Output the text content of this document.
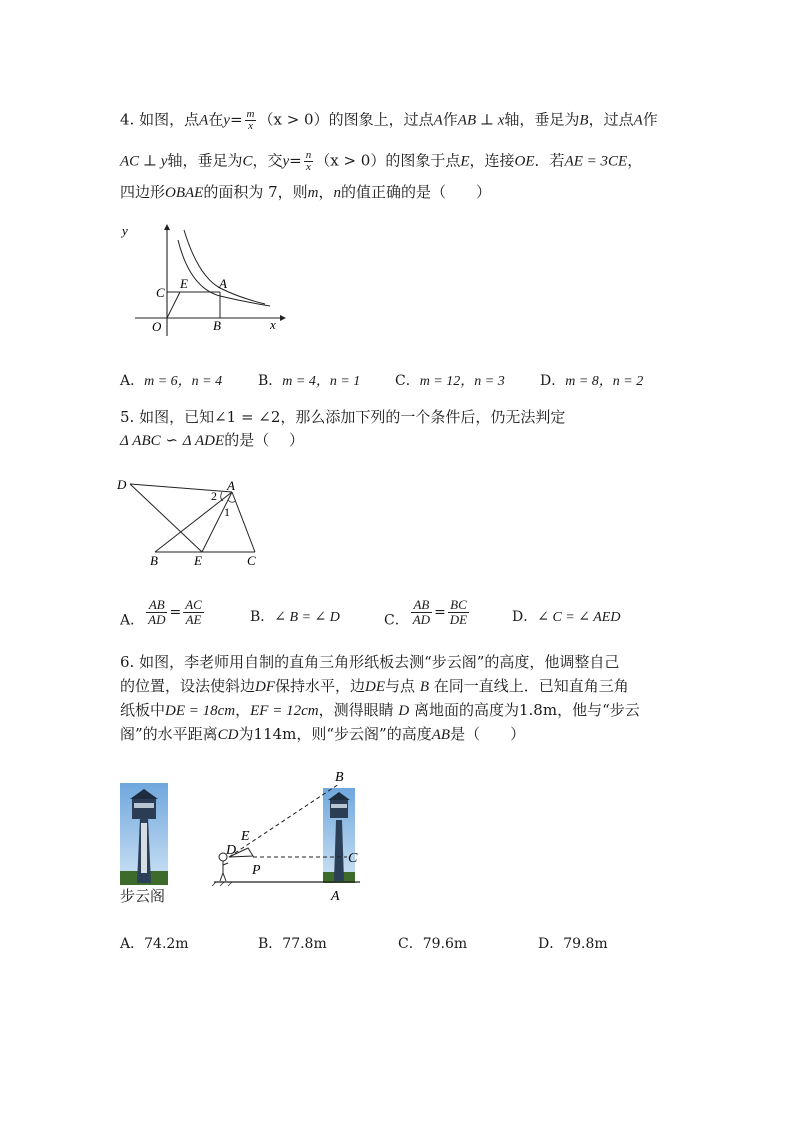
4. 如图，点A在$y= \frac{m}{x} (x > 0)$的图象上，过点A作AB ⊥ x轴，垂足为B，过点A作
AC ⊥ y轴，垂足为C，交$y= \frac{n}{x} (x > 0)$的图象于点E，连接OE．若AE = 3CE，
四边形OBAE的面积为 7，则m，n的值正确的是（　　）
y
x
O
C
E A
B
A．m = 6，n = 4	B．m = 4，n = 1 C．m = 12，n = 3	D．m = 8，n = 2
5. 如图，已知∠1 = ∠2，那么添加下列的一个条件后，仍无法判定
Δ ABC ∽ Δ ADE的是（　 ）
D	A
2
1
B	E	C
A． $\frac{AB}{AD} = \frac{AC}{AE}$	B．∠ B = ∠ D	C． $\frac{AB}{AD} = \frac{BC}{DE}$	D．∠ C = ∠ AED
6. 如图，李老师用自制的直角三角形纸板去测“步云阁”的高度，他调整自己
的位置，设法使斜边DF保持水平，边DE与点 B 在同一直线上．已知直角三角
纸板中DE = 18cm，EF = 12cm，测得眼睛 D 离地面的高度为1.8m，他与“步云
阁”的水平距离CD为114m，则“步云阁”的高度AB是（　　）
步云阁
B
E
D
P
C
A
A．74.2m	B．77.8m	C．79.6m	D．79.8m
